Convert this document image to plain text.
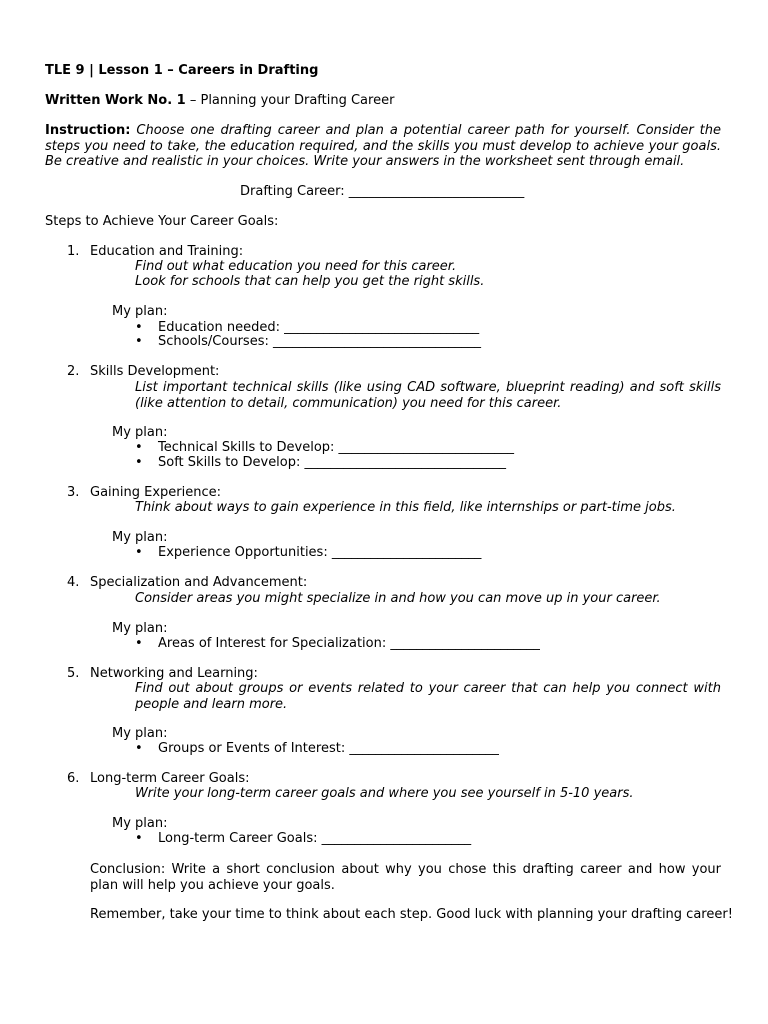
TLE 9 | Lesson 1 – Careers in Drafting
Written Work No. 1 – Planning your Drafting Career
Instruction: Choose one drafting career and plan a potential career path for yourself. Consider the steps you need to take, the education required, and the skills you must develop to achieve your goals. Be creative and realistic in your choices. Write your answers in the worksheet sent through email.
Drafting Career: ___________________________
Steps to Achieve Your Career Goals:
1. Education and Training:
Find out what education you need for this career.
Look for schools that can help you get the right skills.
My plan:
• Education needed: ______________________________
• Schools/Courses: ________________________________
2. Skills Development:
List important technical skills (like using CAD software, blueprint reading) and soft skills (like attention to detail, communication) you need for this career.
My plan:
• Technical Skills to Develop: ___________________________
• Soft Skills to Develop: _______________________________
3. Gaining Experience:
Think about ways to gain experience in this field, like internships or part-time jobs.
My plan:
• Experience Opportunities: _______________________
4. Specialization and Advancement:
Consider areas you might specialize in and how you can move up in your career.
My plan:
• Areas of Interest for Specialization: _______________________
5. Networking and Learning:
Find out about groups or events related to your career that can help you connect with people and learn more.
My plan:
• Groups or Events of Interest: _______________________
6. Long-term Career Goals:
Write your long-term career goals and where you see yourself in 5-10 years.
My plan:
• Long-term Career Goals: _______________________
Conclusion: Write a short conclusion about why you chose this drafting career and how your plan will help you achieve your goals.
Remember, take your time to think about each step. Good luck with planning your drafting career!
